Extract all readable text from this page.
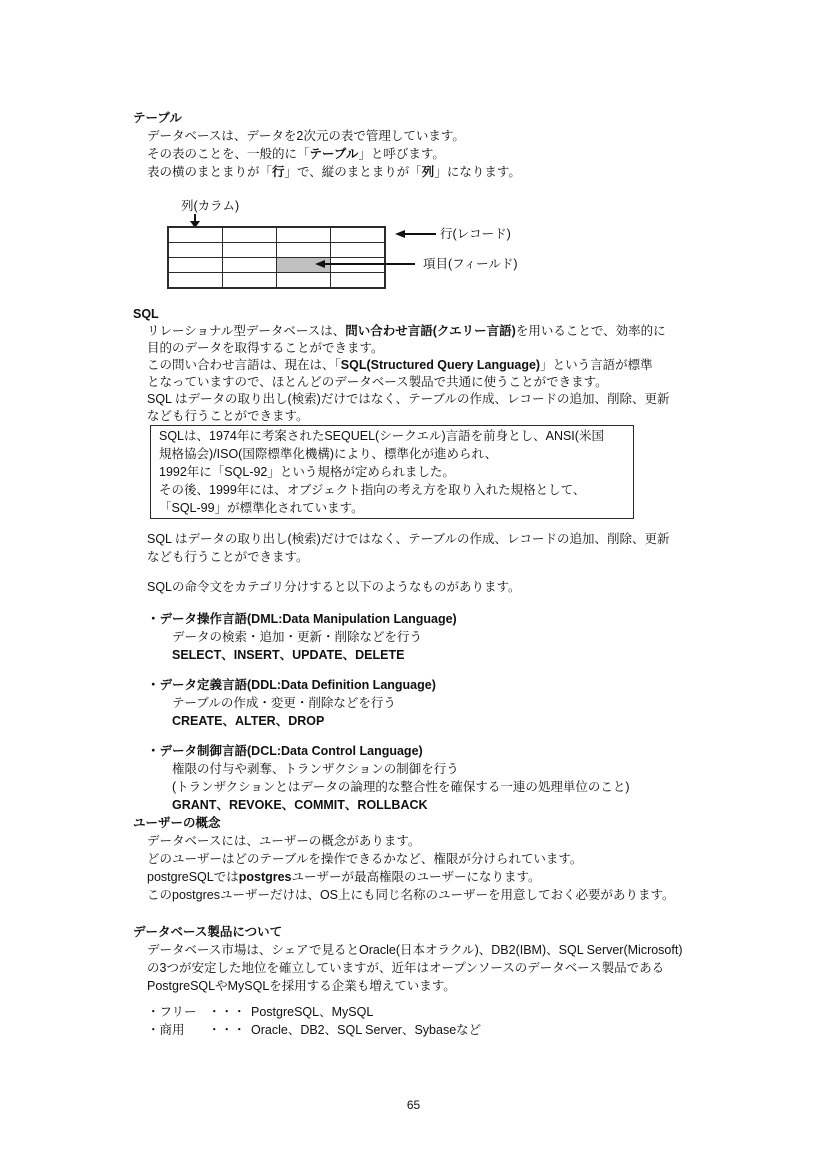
テーブル
データベースは、データを2次元の表で管理しています。
その表のことを、一般的に「テーブル」と呼びます。
表の横のまとまりが「行」で、縦のまとまりが「列」になります。
列(カラム)

行(レコード)
項目(フィールド)
SQL
リレーショナル型データベースは、問い合わせ言語(クエリー言語)を用いることで、効率的に
目的のデータを取得することができます。
この問い合わせ言語は、現在は、「SQL(Structured Query Language)」という言語が標準
となっていますので、ほとんどのデータベース製品で共通に使うことができます。
SQL はデータの取り出し(検索)だけではなく、テーブルの作成、レコードの追加、削除、更新
なども行うことができます。
SQLは、1974年に考案されたSEQUEL(シークエル)言語を前身とし、ANSI(米国
規格協会)/ISO(国際標準化機構)により、標準化が進められ、
1992年に「SQL-92」という規格が定められました。
その後、1999年には、オブジェクト指向の考え方を取り入れた規格として、
「SQL-99」が標準化されています。
SQL はデータの取り出し(検索)だけではなく、テーブルの作成、レコードの追加、削除、更新
なども行うことができます。
SQLの命令文をカテゴリ分けすると以下のようなものがあります。
・データ操作言語(DML:Data Manipulation Language)
データの検索・追加・更新・削除などを行う
SELECT、INSERT、UPDATE、DELETE
・データ定義言語(DDL:Data Definition Language)
テーブルの作成・変更・削除などを行う
CREATE、ALTER、DROP
・データ制御言語(DCL:Data Control Language)
権限の付与や剥奪、トランザクションの制御を行う
(トランザクションとはデータの論理的な整合性を確保する一連の処理単位のこと)
GRANT、REVOKE、COMMIT、ROLLBACK
ユーザーの概念
データベースには、ユーザーの概念があります。
どのユーザーはどのテーブルを操作できるかなど、権限が分けられています。
postgreSQLではpostgresユーザーが最高権限のユーザーになります。
このpostgresユーザーだけは、OS上にも同じ名称のユーザーを用意しておく必要があります。
データベース製品について
データベース市場は、シェアで見るとOracle(日本オラクル)、DB2(IBM)、SQL Server(Microsoft)
の3つが安定した地位を確立していますが、近年はオープンソースのデータベース製品である
PostgreSQLやMySQLを採用する企業も増えています。
・フリー ・・・ PostgreSQL、MySQL
・商用 ・・・ Oracle、DB2、SQL Server、Sybaseなど
65
